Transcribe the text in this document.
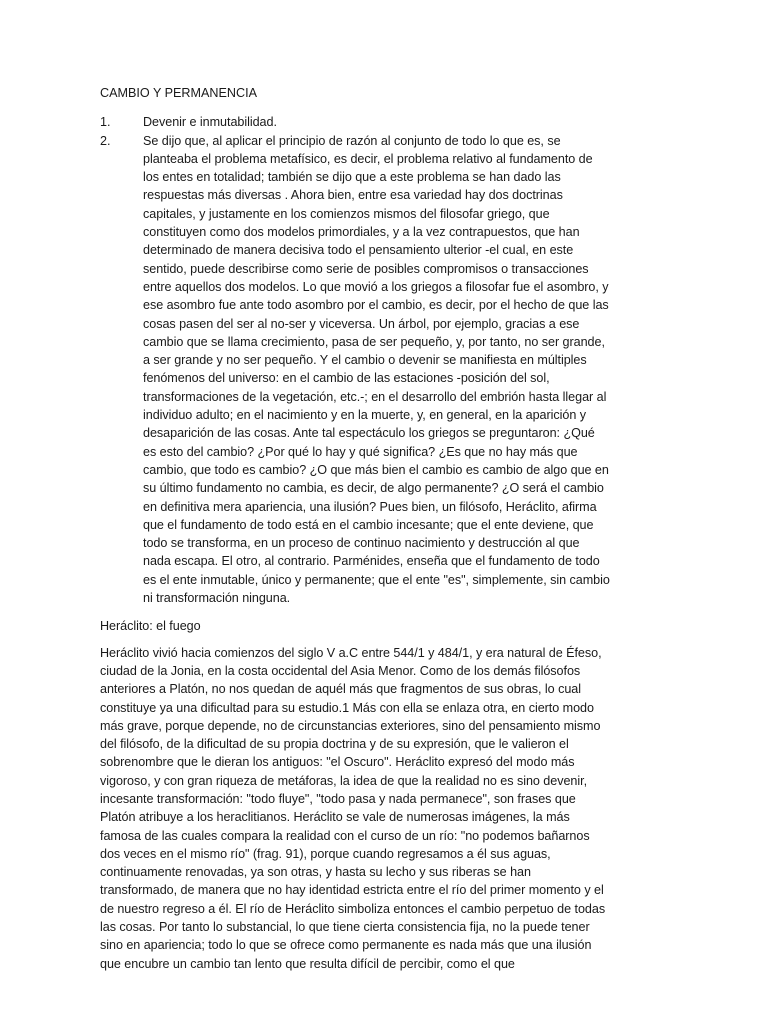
CAMBIO Y PERMANENCIA

1.	Devenir e inmutabilidad.
2.	Se dijo que, al aplicar el principio de razón al conjunto de todo lo que es, se planteaba el problema metafísico, es decir, el problema relativo al fundamento de los entes en totalidad; también se dijo que a este problema se han dado las respuestas más diversas . Ahora bien, entre esa variedad hay dos doctrinas capitales, y justamente en los comienzos mismos del filosofar griego, que constituyen como dos modelos primordiales, y a la vez contrapuestos, que han determinado de manera decisiva todo el pensamiento ulterior -el cual, en este sentido, puede describirse como serie de posibles compromisos o transacciones entre aquellos dos modelos. Lo que movió a los griegos a filosofar fue el asombro, y ese asombro fue ante todo asombro por el cambio, es decir, por el hecho de que las cosas pasen del ser al no-ser y viceversa. Un árbol, por ejemplo, gracias a ese cambio que se llama crecimiento, pasa de ser pequeño, y, por tanto, no ser grande, a ser grande y no ser pequeño. Y el cambio o devenir se manifiesta en múltiples fenómenos del universo: en el cambio de las estaciones -posición del sol, transformaciones de la vegetación, etc.-; en el desarrollo del embrión hasta llegar al individuo adulto; en el nacimiento y en la muerte, y, en general, en la aparición y desaparición de las cosas. Ante tal espectáculo los griegos se preguntaron: ¿Qué es esto del cambio? ¿Por qué lo hay y qué significa? ¿Es que no hay más que cambio, que todo es cambio? ¿O que más bien el cambio es cambio de algo que en su último fundamento no cambia, es decir, de algo permanente? ¿O será el cambio en definitiva mera apariencia, una ilusión? Pues bien, un filósofo, Heráclito, afirma que el fundamento de todo está en el cambio incesante; que el ente deviene, que todo se transforma, en un proceso de continuo nacimiento y destrucción al que nada escapa. El otro, al contrario. Parménides, enseña que el fundamento de todo es el ente inmutable, único y permanente; que el ente "es", simplemente, sin cambio ni transformación ninguna.

Heráclito: el fuego

Heráclito vivió hacia comienzos del siglo V a.C entre 544/1 y 484/1, y era natural de Éfeso, ciudad de la Jonia, en la costa occidental del Asia Menor. Como de los demás filósofos anteriores a Platón, no nos quedan de aquél más que fragmentos de sus obras, lo cual constituye ya una dificultad para su estudio.1 Más con ella se enlaza otra, en cierto modo más grave, porque depende, no de circunstancias exteriores, sino del pensamiento mismo del filósofo, de la dificultad de su propia doctrina y de su expresión, que le valieron el sobrenombre que le dieran los antiguos: "el Oscuro". Heráclito expresó del modo más vigoroso, y con gran riqueza de metáforas, la idea de que la realidad no es sino devenir, incesante transformación: "todo fluye", "todo pasa y nada permanece", son frases que Platón atribuye a los heraclitianos. Heráclito se vale de numerosas imágenes, la más famosa de las cuales compara la realidad con el curso de un río: "no podemos bañarnos dos veces en el mismo río" (frag. 91), porque cuando regresamos a él sus aguas, continuamente renovadas, ya son otras, y hasta su lecho y sus riberas se han transformado, de manera que no hay identidad estricta entre el río del primer momento y el de nuestro regreso a él. El río de Heráclito simboliza entonces el cambio perpetuo de todas las cosas. Por tanto lo substancial, lo que tiene cierta consistencia fija, no la puede tener sino en apariencia; todo lo que se ofrece como permanente es nada más que una ilusión que encubre un cambio tan lento que resulta difícil de percibir, como el que
